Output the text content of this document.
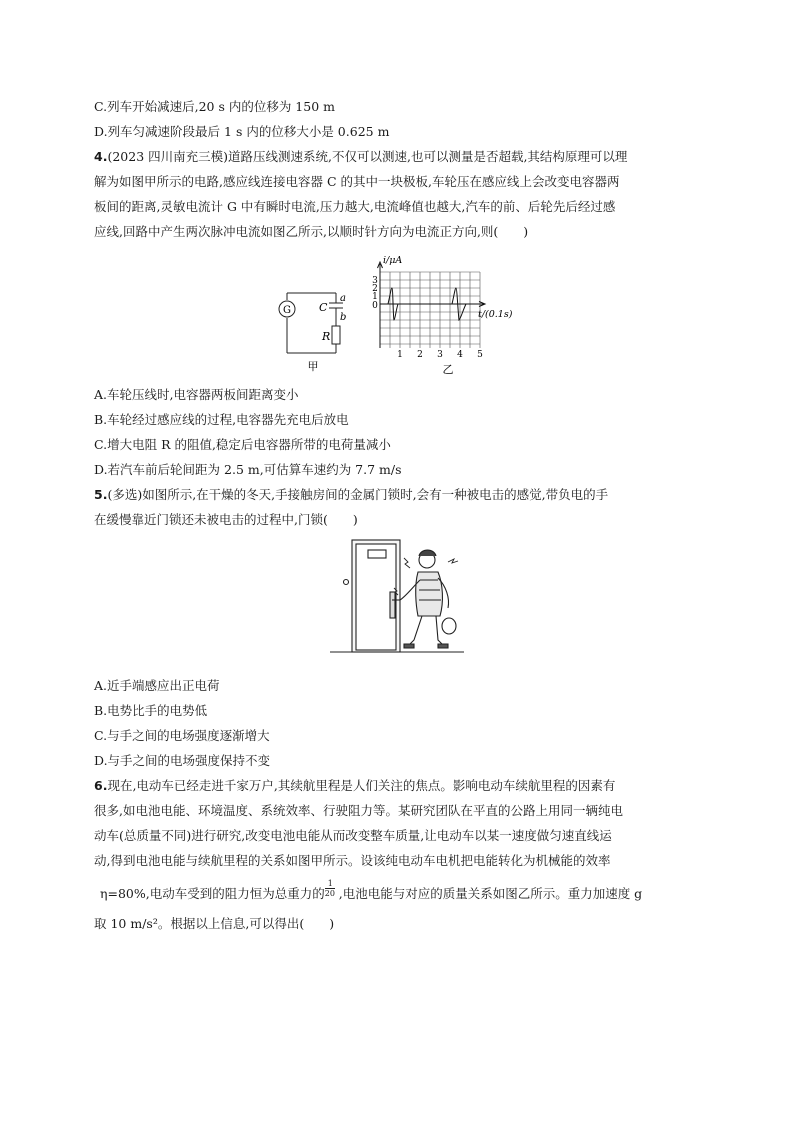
C.列车开始减速后,20 s 内的位移为 150 m
D.列车匀减速阶段最后 1 s 内的位移大小是 0.625 m
4.(2023 四川南充三模)道路压线测速系统,不仅可以测速,也可以测量是否超载,其结构原理可以理
解为如图甲所示的电路,感应线连接电容器 C 的其中一块极板,车轮压在感应线上会改变电容器两
板间的距离,灵敏电流计 G 中有瞬时电流,压力越大,电流峰值也越大,汽车的前、后轮先后经过感
应线,回路中产生两次脉冲电流如图乙所示,以顺时针方向为电流正方向,则(　　)
G	C
a
b
R
甲
i/μA
t/(0.1s)
3
2
1
0
1 2 3 4 5
乙
A.车轮压线时,电容器两板间距离变小
B.车轮经过感应线的过程,电容器先充电后放电
C.增大电阻 R 的阻值,稳定后电容器所带的电荷量减小
D.若汽车前后轮间距为 2.5 m,可估算车速约为 7.7 m/s
5.(多选)如图所示,在干燥的冬天,手接触房间的金属门锁时,会有一种被电击的感觉,带负电的手
在缓慢靠近门锁还未被电击的过程中,门锁(　　)
A.近手端感应出正电荷
B.电势比手的电势低
C.与手之间的电场强度逐渐增大
D.与手之间的电场强度保持不变
6.现在,电动车已经走进千家万户,其续航里程是人们关注的焦点。影响电动车续航里程的因素有
很多,如电池电能、环境温度、系统效率、行驶阻力等。某研究团队在平直的公路上用同一辆纯电
动车(总质量不同)进行研究,改变电池电能从而改变整车质量,让电动车以某一速度做匀速直线运
动,得到电池电能与续航里程的关系如图甲所示。设该纯电动车电机把电能转化为机械能的效率
η=80%,电动车受到的阻力恒为总重力的
1
20 ,电池电能与对应的质量关系如图乙所示。重力加速度 g
取 10 m/s²。根据以上信息,可以得出(　　)
